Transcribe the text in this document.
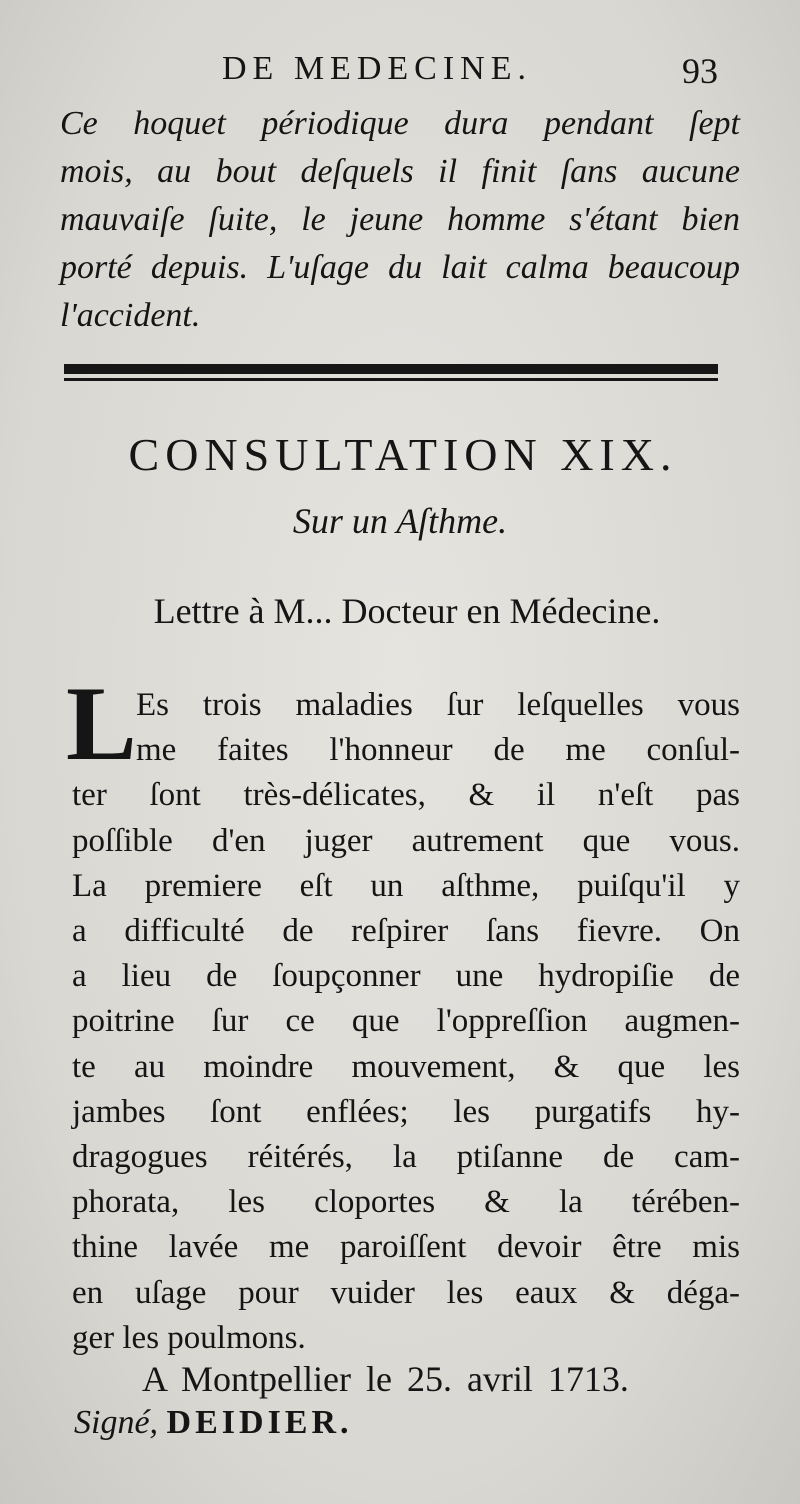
DE MEDECINE.	93
Ce hoquet périodique dura pendant ſept
mois, au bout deſquels il finit ſans aucune
mauvaiſe ſuite, le jeune homme s'étant bien
porté depuis. L'uſage du lait calma beaucoup
l'accident.
CONSULTATION XIX.
Sur un Aſthme.
Lettre à M... Docteur en Médecine.
L Es trois maladies ſur leſquelles vous
me faites l'honneur de me conſul-
ter ſont très-délicates, & il n'eſt pas
poſſible d'en juger autrement que vous.
La premiere eſt un aſthme, puiſqu'il y
a difficulté de reſpirer ſans fievre. On
a lieu de ſoupçonner une hydropiſie de
poitrine ſur ce que l'oppreſſion augmen-
te au moindre mouvement, & que les
jambes ſont enflées; les purgatifs hy-
dragogues réitérés, la ptiſanne de cam-
phorata, les cloportes & la térében-
thine lavée me paroiſſent devoir être mis
en uſage pour vuider les eaux & déga-
ger les poulmons.
A Montpellier le 25. avril 1713.
Signé, DEIDIER.
